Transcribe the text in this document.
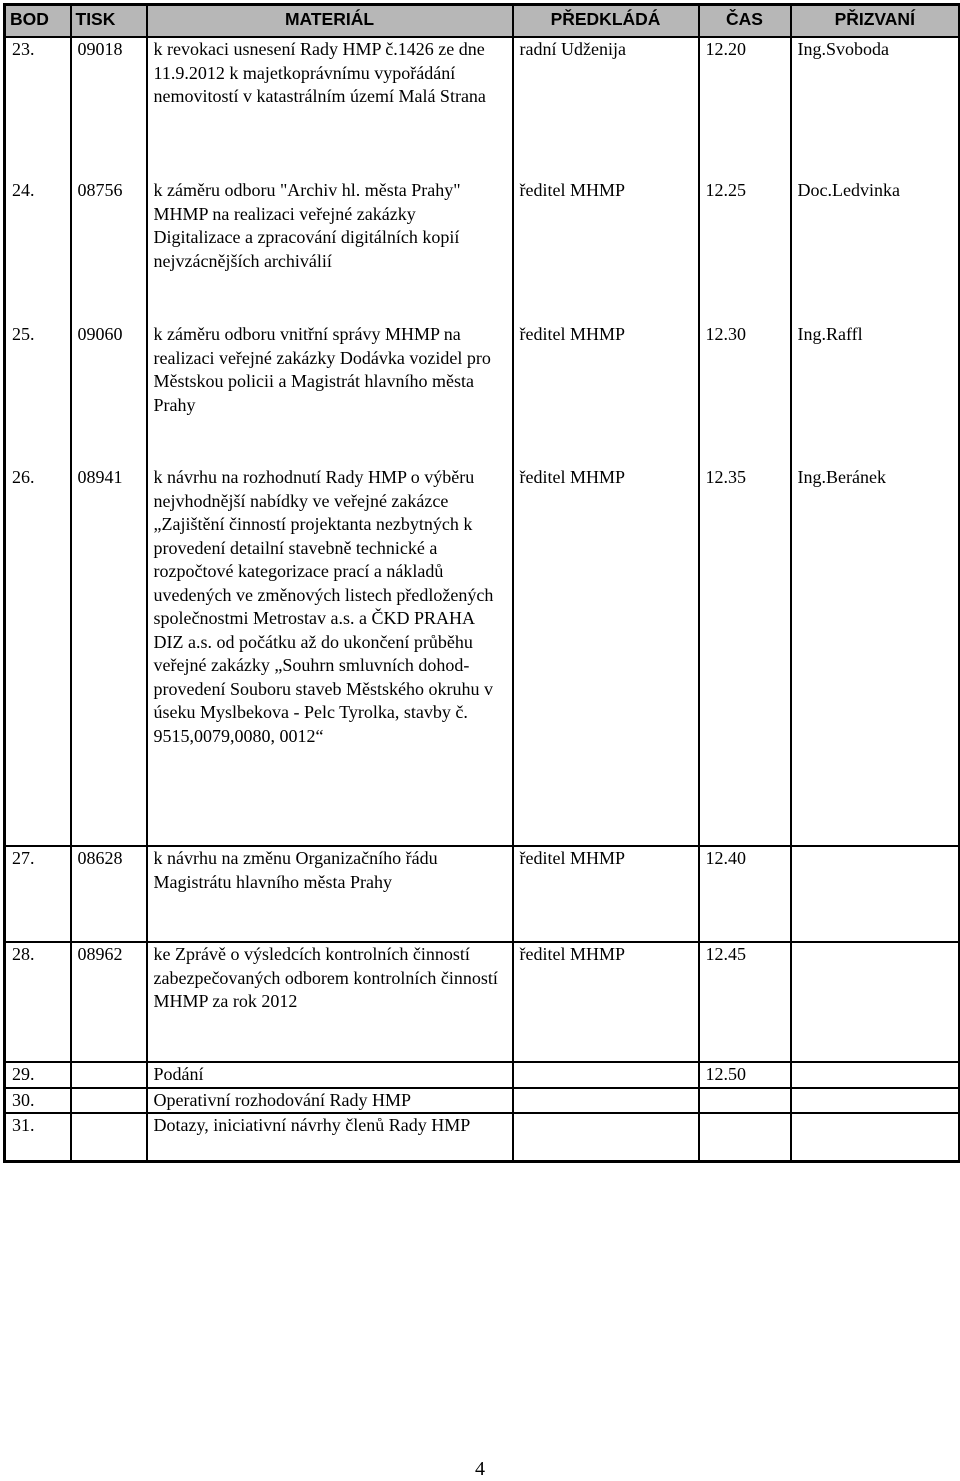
BOD	TISK	MATERIÁL	PŘEDKLÁDÁ	ČAS	PŘIZVANÍ
23.	09018	k revokaci usnesení Rady HMP č.1426 ze dne 11.9.2012 k majetkoprávnímu vypořádání nemovitostí v katastrálním území Malá Strana	radní Udženija	12.20	Ing.Svoboda
24.	08756	k záměru odboru "Archiv hl. města Prahy" MHMP na realizaci veřejné zakázky Digitalizace a zpracování digitálních kopií nejvzácnějších archiválií	ředitel MHMP	12.25	Doc.Ledvinka
25.	09060	k záměru odboru vnitřní správy MHMP na realizaci veřejné zakázky Dodávka vozidel pro Městskou policii a Magistrát hlavního města Prahy	ředitel MHMP	12.30	Ing.Raffl
26.	08941	k návrhu na rozhodnutí Rady HMP o výběru nejvhodnější nabídky ve veřejné zakázce „Zajištění činností projektanta nezbytných k provedení detailní stavebně technické a rozpočtové kategorizace prací a nákladů uvedených ve změnových listech předložených společnostmi Metrostav a.s. a ČKD PRAHA DIZ a.s. od počátku až do ukončení průběhu veřejné zakázky „Souhrn smluvních dohod-provedení Souboru staveb Městského okruhu v úseku Myslbekova - Pelc Tyrolka, stavby č. 9515,0079,0080, 0012“	ředitel MHMP	12.35	Ing.Beránek
27.	08628	k návrhu na změnu Organizačního řádu Magistrátu hlavního města Prahy	ředitel MHMP	12.40	
28.	08962	ke Zprávě o výsledcích kontrolních činností zabezpečovaných odborem kontrolních činností MHMP za rok 2012	ředitel MHMP	12.45	
29.		Podání		12.50	
30.		Operativní rozhodování Rady HMP			
31.		Dotazy, iniciativní návrhy členů Rady HMP			
4
